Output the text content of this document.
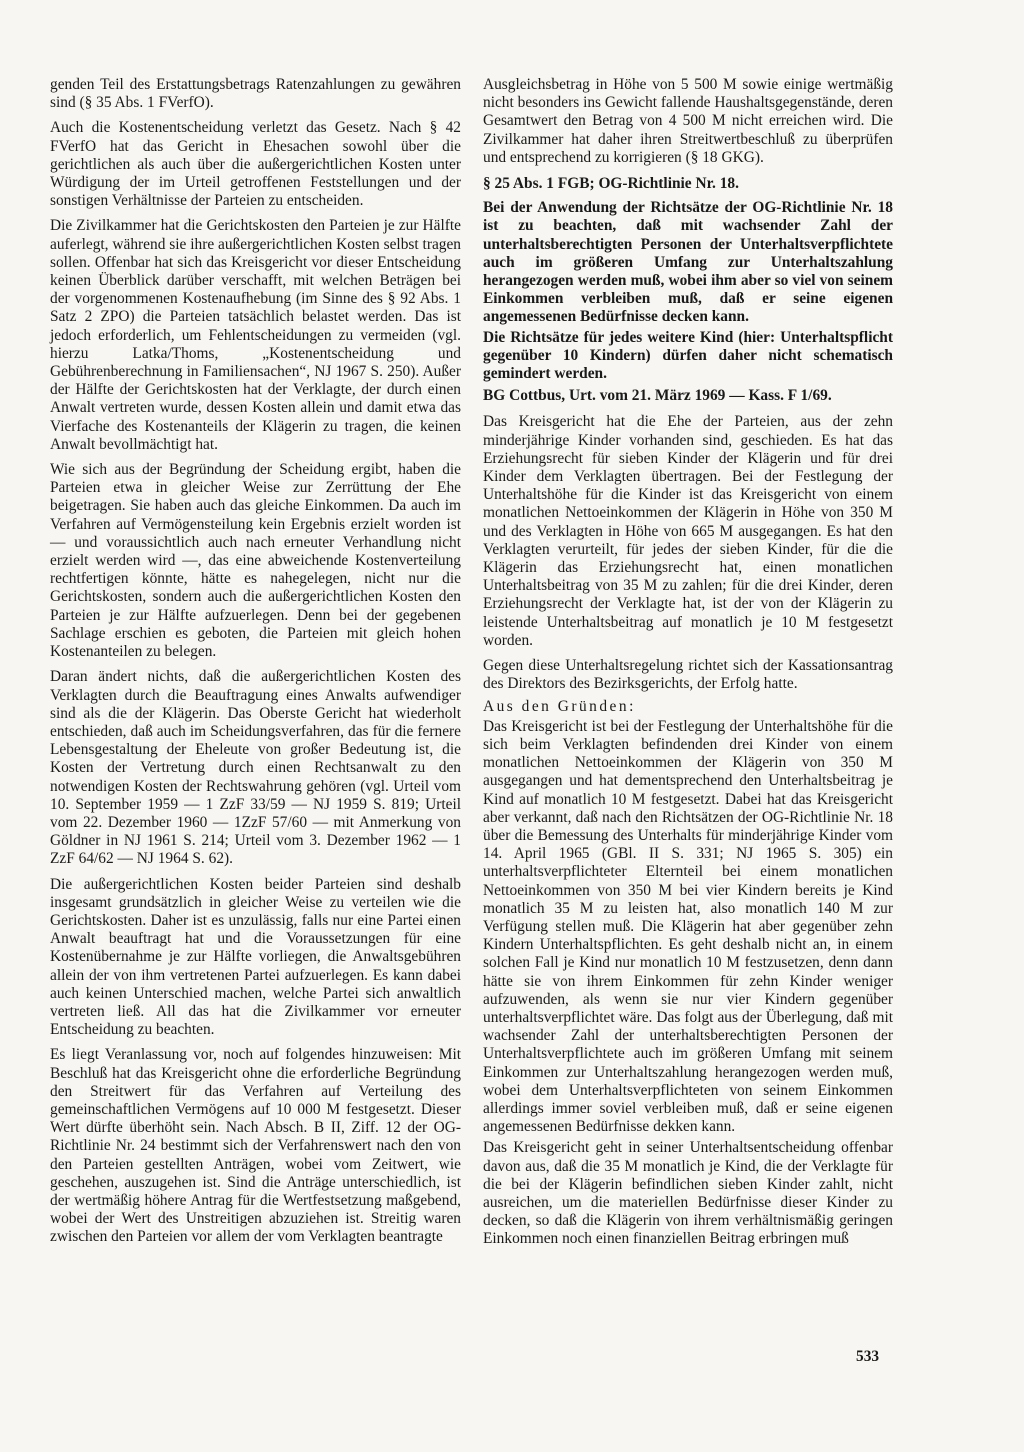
genden Teil des Erstattungsbetrags Ratenzahlungen zu gewähren sind (§ 35 Abs. 1 FVerfO).

Auch die Kostenentscheidung verletzt das Gesetz. Nach § 42 FVerfO hat das Gericht in Ehesachen sowohl über die gerichtlichen als auch über die außergerichtlichen Kosten unter Würdigung der im Urteil getroffenen Feststellungen und der sonstigen Verhältnisse der Parteien zu entscheiden.

Die Zivilkammer hat die Gerichtskosten den Parteien je zur Hälfte auferlegt, während sie ihre außergerichtlichen Kosten selbst tragen sollen. Offenbar hat sich das Kreisgericht vor dieser Entscheidung keinen Überblick darüber verschafft, mit welchen Beträgen bei der vorgenommenen Kostenaufhebung (im Sinne des § 92 Abs. 1 Satz 2 ZPO) die Parteien tatsächlich belastet werden. Das ist jedoch erforderlich, um Fehlentscheidungen zu vermeiden (vgl. hierzu Latka/Thoms, „Kostenentscheidung und Gebührenberechnung in Familiensachen“, NJ 1967 S. 250). Außer der Hälfte der Gerichtskosten hat der Verklagte, der durch einen Anwalt vertreten wurde, dessen Kosten allein und damit etwa das Vierfache des Kostenanteils der Klägerin zu tragen, die keinen Anwalt bevollmächtigt hat.

Wie sich aus der Begründung der Scheidung ergibt, haben die Parteien etwa in gleicher Weise zur Zerrüttung der Ehe beigetragen. Sie haben auch das gleiche Einkommen. Da auch im Verfahren auf Vermögensteilung kein Ergebnis erzielt worden ist — und voraussichtlich auch nach erneuter Verhandlung nicht erzielt werden wird —, das eine abweichende Kostenverteilung rechtfertigen könnte, hätte es nahegelegen, nicht nur die Gerichtskosten, sondern auch die außergerichtlichen Kosten den Parteien je zur Hälfte aufzuerlegen. Denn bei der gegebenen Sachlage erschien es geboten, die Parteien mit gleich hohen Kostenanteilen zu belegen.

Daran ändert nichts, daß die außergerichtlichen Kosten des Verklagten durch die Beauftragung eines Anwalts aufwendiger sind als die der Klägerin. Das Oberste Gericht hat wiederholt entschieden, daß auch im Scheidungsverfahren, das für die fernere Lebensgestaltung der Eheleute von großer Bedeutung ist, die Kosten der Vertretung durch einen Rechtsanwalt zu den notwendigen Kosten der Rechtswahrung gehören (vgl. Urteil vom 10. September 1959 — 1 ZzF 33/59 — NJ 1959 S. 819; Urteil vom 22. Dezember 1960 — 1ZzF 57/60 — mit Anmerkung von Göldner in NJ 1961 S. 214; Urteil vom 3. Dezember 1962 — 1 ZzF 64/62 — NJ 1964 S. 62).

Die außergerichtlichen Kosten beider Parteien sind deshalb insgesamt grundsätzlich in gleicher Weise zu verteilen wie die Gerichtskosten. Daher ist es unzulässig, falls nur eine Partei einen Anwalt beauftragt hat und die Voraussetzungen für eine Kostenübernahme je zur Hälfte vorliegen, die Anwaltsgebühren allein der von ihm vertretenen Partei aufzuerlegen. Es kann dabei auch keinen Unterschied machen, welche Partei sich anwaltlich vertreten ließ. All das hat die Zivilkammer vor erneuter Entscheidung zu beachten.

Es liegt Veranlassung vor, noch auf folgendes hinzuweisen: Mit Beschluß hat das Kreisgericht ohne die erforderliche Begründung den Streitwert für das Verfahren auf Verteilung des gemeinschaftlichen Vermögens auf 10 000 M festgesetzt. Dieser Wert dürfte überhöht sein. Nach Absch. B II, Ziff. 12 der OG-Richtlinie Nr. 24 bestimmt sich der Verfahrenswert nach den von den Parteien gestellten Anträgen, wobei vom Zeitwert, wie geschehen, auszugehen ist. Sind die Anträge unterschiedlich, ist der wertmäßig höhere Antrag für die Wertfestsetzung maßgebend, wobei der Wert des Unstreitigen abzuziehen ist. Streitig waren zwischen den Parteien vor allem der vom Verklagten beantragte

Ausgleichsbetrag in Höhe von 5 500 M sowie einige wertmäßig nicht besonders ins Gewicht fallende Haushaltsgegenstände, deren Gesamtwert den Betrag von 4 500 M nicht erreichen wird. Die Zivilkammer hat daher ihren Streitwertbeschluß zu überprüfen und entsprechend zu korrigieren (§ 18 GKG).

§ 25 Abs. 1 FGB; OG-Richtlinie Nr. 18.

Bei der Anwendung der Richtsätze der OG-Richtlinie Nr. 18 ist zu beachten, daß mit wachsender Zahl der unterhaltsberechtigten Personen der Unterhaltsverpflichtete auch im größeren Umfang zur Unterhaltszahlung herangezogen werden muß, wobei ihm aber so viel von seinem Einkommen verbleiben muß, daß er seine eigenen angemessenen Bedürfnisse decken kann.

Die Richtsätze für jedes weitere Kind (hier: Unterhaltspflicht gegenüber 10 Kindern) dürfen daher nicht schematisch gemindert werden.

BG Cottbus, Urt. vom 21. März 1969 — Kass. F 1/69.

Das Kreisgericht hat die Ehe der Parteien, aus der zehn minderjährige Kinder vorhanden sind, geschieden. Es hat das Erziehungsrecht für sieben Kinder der Klägerin und für drei Kinder dem Verklagten übertragen. Bei der Festlegung der Unterhaltshöhe für die Kinder ist das Kreisgericht von einem monatlichen Nettoeinkommen der Klägerin in Höhe von 350 M und des Verklagten in Höhe von 665 M ausgegangen. Es hat den Verklagten verurteilt, für jedes der sieben Kinder, für die die Klägerin das Erziehungsrecht hat, einen monatlichen Unterhaltsbeitrag von 35 M zu zahlen; für die drei Kinder, deren Erziehungsrecht der Verklagte hat, ist der von der Klägerin zu leistende Unterhaltsbeitrag auf monatlich je 10 M festgesetzt worden.

Gegen diese Unterhaltsregelung richtet sich der Kassationsantrag des Direktors des Bezirksgerichts, der Erfolg hatte.

Aus den Gründen:

Das Kreisgericht ist bei der Festlegung der Unterhaltshöhe für die sich beim Verklagten befindenden drei Kinder von einem monatlichen Nettoeinkommen der Klägerin von 350 M ausgegangen und hat dementsprechend den Unterhaltsbeitrag je Kind auf monatlich 10 M festgesetzt. Dabei hat das Kreisgericht aber verkannt, daß nach den Richtsätzen der OG-Richtlinie Nr. 18 über die Bemessung des Unterhalts für minderjährige Kinder vom 14. April 1965 (GBl. II S. 331; NJ 1965 S. 305) ein unterhaltsverpflichteter Elternteil bei einem monatlichen Nettoeinkommen von 350 M bei vier Kindern bereits je Kind monatlich 35 M zu leisten hat, also monatlich 140 M zur Verfügung stellen muß. Die Klägerin hat aber gegenüber zehn Kindern Unterhaltspflichten. Es geht deshalb nicht an, in einem solchen Fall je Kind nur monatlich 10 M festzusetzen, denn dann hätte sie von ihrem Einkommen für zehn Kinder weniger aufzuwenden, als wenn sie nur vier Kindern gegenüber unterhaltsverpflichtet wäre. Das folgt aus der Überlegung, daß mit wachsender Zahl der unterhaltsberechtigten Personen der Unterhaltsverpflichtete auch im größeren Umfang mit seinem Einkommen zur Unterhaltszahlung herangezogen werden muß, wobei dem Unterhaltsverpflichteten von seinem Einkommen allerdings immer soviel verbleiben muß, daß er seine eigenen angemessenen Bedürfnisse dekken kann.

Das Kreisgericht geht in seiner Unterhaltsentscheidung offenbar davon aus, daß die 35 M monatlich je Kind, die der Verklagte für die bei der Klägerin befindlichen sieben Kinder zahlt, nicht ausreichen, um die materiellen Bedürfnisse dieser Kinder zu decken, so daß die Klägerin von ihrem verhältnismäßig geringen Einkommen noch einen finanziellen Beitrag erbringen muß

533
